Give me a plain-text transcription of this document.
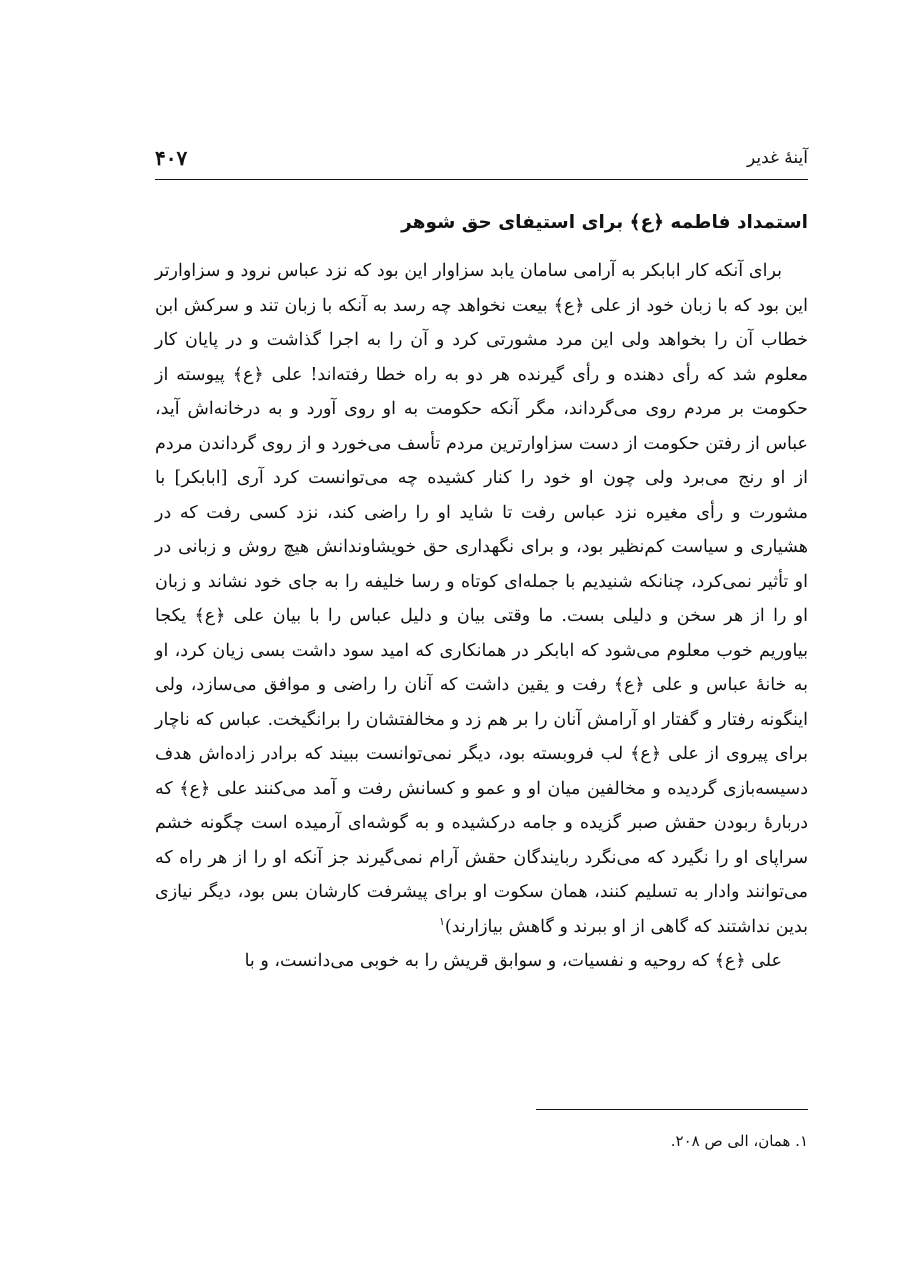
آینهٔ غدیر
۴۰۷
استمداد فاطمه ﴿ع﴾ برای استیفای حق شوهر

برای آنکه کار ابابکر به آرامی سامان یابد سزاوار این بود که نزد عباس نرود و سزاوارتر این بود که با زبان خود از علی ﴿ع﴾ بیعت نخواهد چه رسد به آنکه با زبان تند و سرکش ابن خطاب آن را بخواهد ولی این مرد مشورتی کرد و آن را به اجرا گذاشت و در پایان کار معلوم شد که رأی دهنده و رأی گیرنده هر دو به راه خطا رفته‌اند! علی ﴿ع﴾ پیوسته از حکومت بر مردم روی می‌گرداند، مگر آنکه حکومت به او روی آورد و به درخانه‌اش آید، عباس از رفتن حکومت از دست سزاوارترین مردم تأسف می‌خورد و از روی گرداندن مردم از او رنج می‌برد ولی چون او خود را کنار کشیده چه می‌توانست کرد آری [ابابکر] با مشورت و رأی مغیره نزد عباس رفت تا شاید او را راضی کند، نزد کسی رفت که در هشیاری و سیاست کم‌نظیر بود، و برای نگهداری حق خویشاوندانش هیچ روش و زبانی در او تأثیر نمی‌کرد، چنانکه شنیدیم با جمله‌ای کوتاه و رسا خلیفه را به جای خود نشاند و زبان او را از هر سخن و دلیلی بست. ما وقتی بیان و دلیل عباس را با بیان علی ﴿ع﴾ یکجا بیاوریم خوب معلوم می‌شود که ابابکر در همانکاری که امید سود داشت بسی زیان کرد، او به خانهٔ عباس و علی ﴿ع﴾ رفت و یقین داشت که آنان را راضی و موافق می‌سازد، ولی اینگونه رفتار و گفتار او آرامش آنان را بر هم زد و مخالفتشان را برانگیخت. عباس که ناچار برای پیروی از علی ﴿ع﴾ لب فروبسته بود، دیگر نمی‌توانست ببیند که برادر زاده‌اش هدف دسیسه‌بازی گردیده و مخالفین میان او و عمو و کسانش رفت و آمد می‌کنند علی ﴿ع﴾ که دربارهٔ ربودن حقش صبر گزیده و جامه درکشیده و به گوشه‌ای آرمیده است چگونه خشم سراپای او را نگیرد که می‌نگرد ربایندگان حقش آرام نمی‌گیرند جز آنکه او را از هر راه که می‌توانند وادار به تسلیم کنند، همان سکوت او برای پیشرفت کارشان بس بود، دیگر نیازی بدین نداشتند که گاهی از او ببرند و گاهش بیازارند)$^۱$

علی ﴿ع﴾ که روحیه و نفسیات، و سوابق قریش را به خوبی می‌دانست، و با

۱. همان، الی ص ۲۰۸.
